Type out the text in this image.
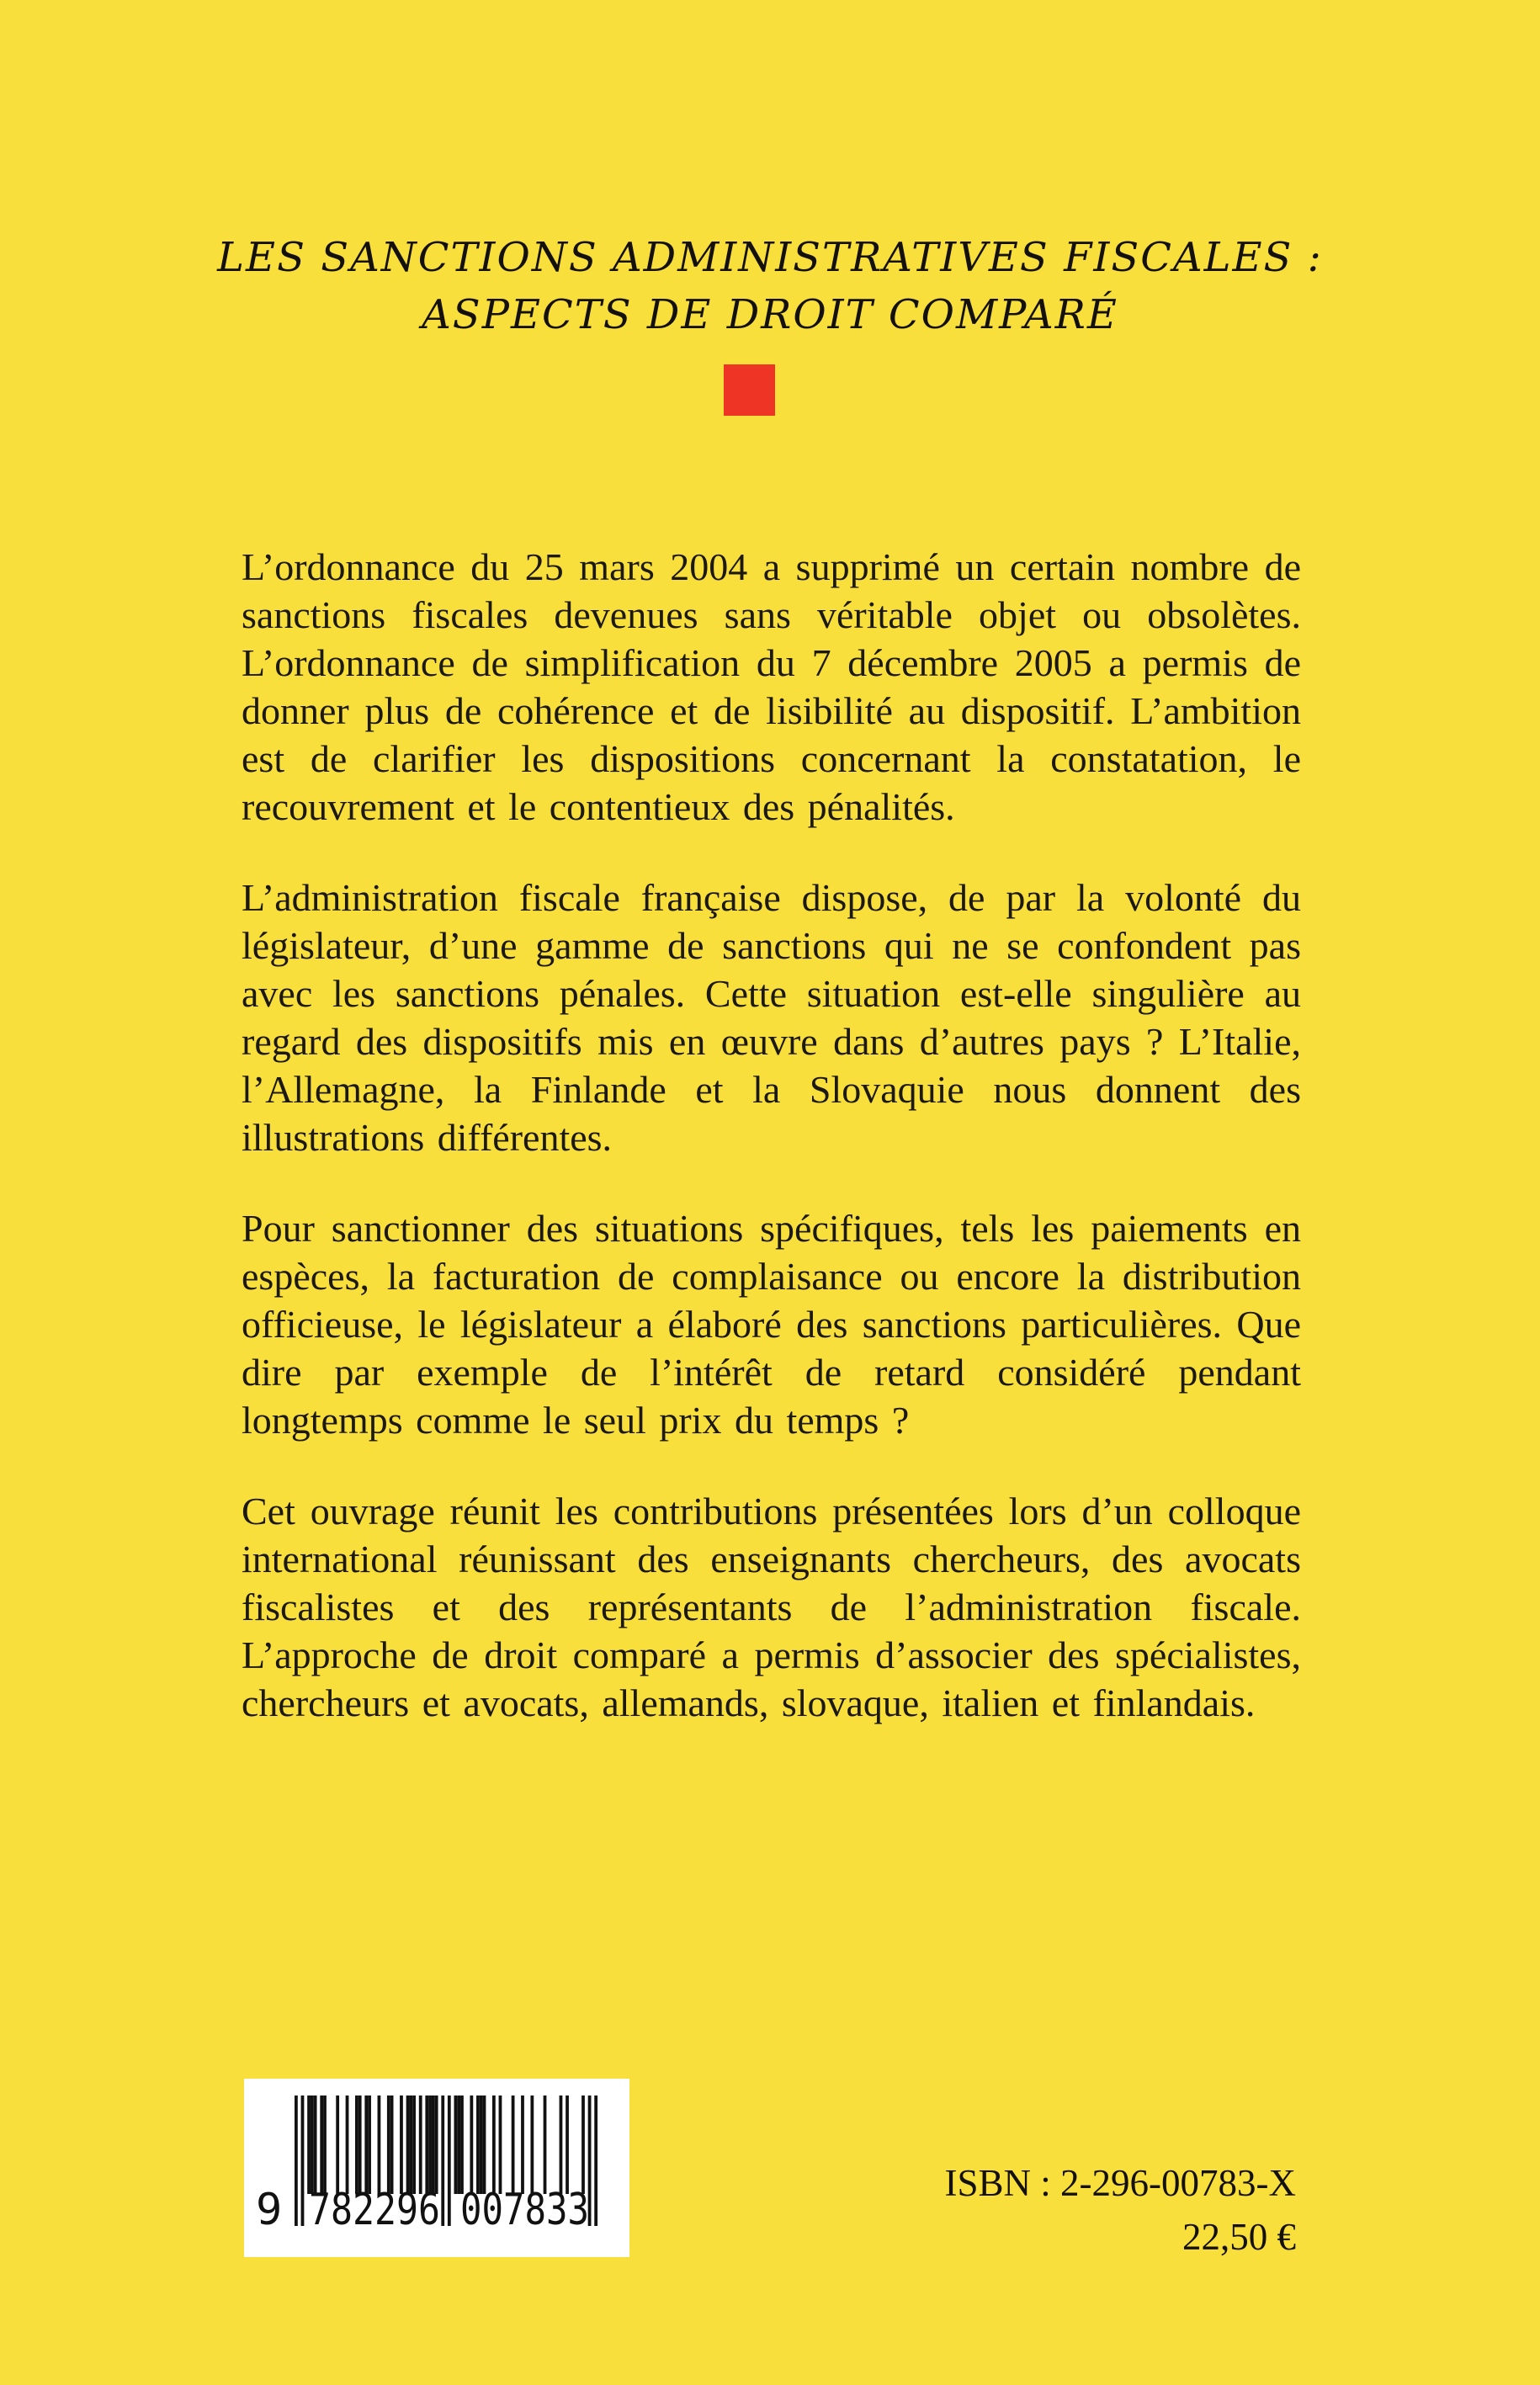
LES SANCTIONS ADMINISTRATIVES FISCALES :
ASPECTS DE DROIT COMPARÉ

L’ordonnance du 25 mars 2004 a supprimé un certain nombre de sanctions fiscales devenues sans véritable objet ou obsolètes. L’ordonnance de simplification du 7 décembre 2005 a permis de donner plus de cohérence et de lisibilité au dispositif. L’ambition est de clarifier les dispositions concernant la constatation, le recouvrement et le contentieux des pénalités.

L’administration fiscale française dispose, de par la volonté du législateur, d’une gamme de sanctions qui ne se confondent pas avec les sanctions pénales. Cette situation est-elle singulière au regard des dispositifs mis en œuvre dans d’autres pays ? L’Italie, l’Allemagne, la Finlande et la Slovaquie nous donnent des illustrations différentes.

Pour sanctionner des situations spécifiques, tels les paiements en espèces, la facturation de complaisance ou encore la distribution officieuse, le législateur a élaboré des sanctions particulières. Que dire par exemple de l’intérêt de retard considéré pendant longtemps comme le seul prix du temps ?

Cet ouvrage réunit les contributions présentées lors d’un colloque international réunissant des enseignants chercheurs, des avocats fiscalistes et des représentants de l’administration fiscale. L’approche de droit comparé a permis d’associer des spécialistes, chercheurs et avocats, allemands, slovaque, italien et finlandais.

9 782296 007833
ISBN : 2-296-00783-X
22,50 €
